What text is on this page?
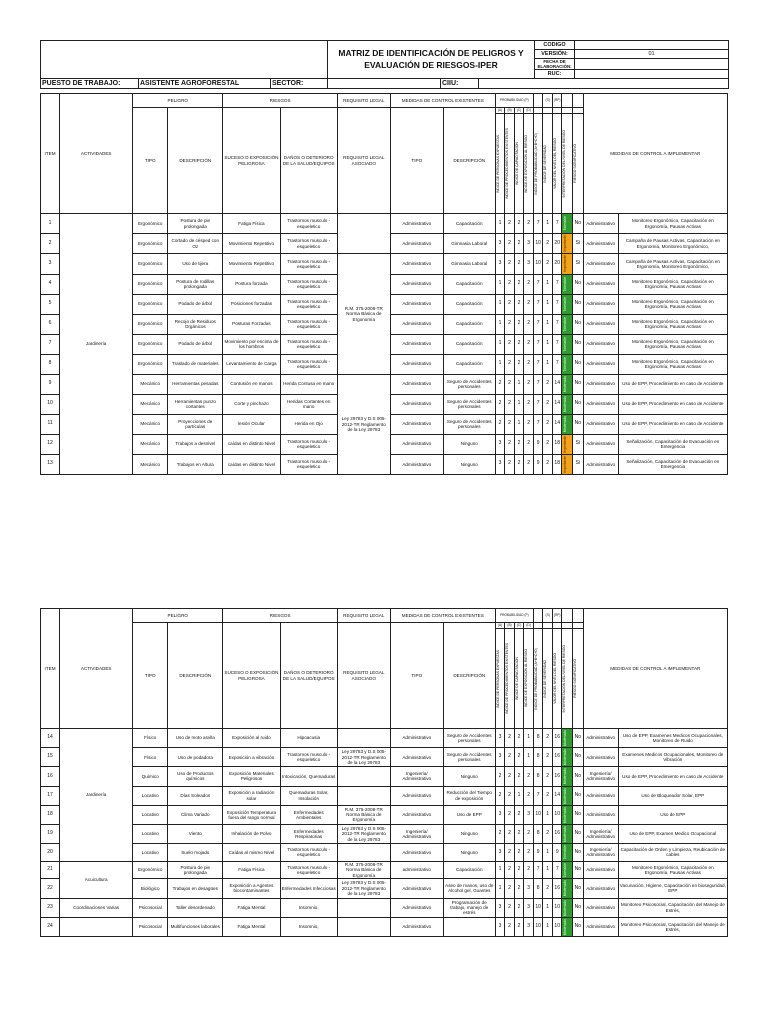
			MATRIZ DE IDENTIFICACIÓN DE PELIGROS Y EVALUACIÓN DE RIESGOS-IPER			CODIGO	
						VERSIÓN:	01
						FECHA DE ELABORACIÓN:	
						RUC:	
PUESTO DE TRABAJO:	ASISTENTE AGROFORESTAL	SECTOR:		CIIU:			
ITEM	ACTIVIDADES	PELIGRO		RIESGOS		REQUISITO LEGAL	MEDIDAS DE CONTROL EXISTENTES		PROBABILIDAD (P)					(S)	(RP)			MEDIDAS DE CONTROL A IMPLEMENTAR	
		TIPO	DESCRIPCIÓN	SUCESO O EXPOSICIÓN PELIGROSA	DAÑOS O DETERIORO DE LA SALUD/EQUIPOS	REQUISITO LEGAL ASOCIADO	TIPO	DESCRIPCIÓN	(A)	(B)	(C)	(D)							

									INDICE DE PERSONAS EXPUESTAS	INDICE DE PROCEDIMIENTOS EXISTENTES	INDICE DE CAPACITACIÓN	INDICE DE EXPOSICIÓN AL RIESGO	INDICE DE PROBABILIDAD (A+B+C+D)	INDICE DE SEVERIDAD	VALOR DEL NIVEL DEL RIESGO	INTERPRETACIÓN DEL NIVEL DE RIESGO	RIESGO SIGNIFICATIVO		

1	Jardinería	Ergonómico	Postura de pie prolongada	Fatiga Física	Trastornos musculo - esqueletico		Administrativo	Capacitación	1	2	2	2	7	1	7	Tolerable	No	Administrativo	Monitoreo Ergonómico, Capacitación en Ergonomía, Pausas Activas
2		Ergonómico	Cortado de césped con Oz	Movimiento Repetitivo	Trastornos musculo - esqueletico		Administrativo	Gimnasia Laboral	3	2	2	3	10	2	20	Importante	Si	Administrativo	Campaña de Pausas Activas, Capacitación en Ergonomía, Monitoreo Ergonómico,
3		Ergonómico	Uso de tijera	Movimiento Repetitivo	Trastornos musculo - esqueletico	R.M. 375-2008-TR Norma Básica de Ergonomía	Administrativo	Gimnasia Laboral	3	2	2	3	10	2	20	Importante	Si	Administrativo	Campaña de Pausas Activas, Capacitación en Ergonomía, Monitoreo Ergonómico,
4		Ergonómico	Postura de rodillas prolongada	Postura forzada	Trastornos musculo - esqueletico		Administrativo	Capacitación	1	2	2	2	7	1	7	Tolerable	No	Administrativo	Monitoreo Ergonómico, Capacitación en Ergonomía, Pausas Activas
5		Ergonómico	Podado de árbol	Posiciones forzadas	Trastornos musculo - esqueletico		Administrativo	Capacitación	1	2	2	2	7	1	7	Tolerable	No	Administrativo	Monitoreo Ergonómico, Capacitación en Ergonomía, Pausas Activas
6		Ergonómico	Recojo de Residuos Orgánicos	Posturas Forzadas	Trastornos musculo - esqueletico		Administrativo	Capacitación	1	2	2	2	7	1	7	Tolerable	No	Administrativo	Monitoreo Ergonómico, Capacitación en Ergonomía, Pausas Activas
7		Ergonómico	Podado de árbol	Movimiento por encima de los hombros	Trastornos musculo - esqueletico		Administrativo	Capacitación	1	2	2	2	7	1	7	Tolerable	No	Administrativo	Monitoreo Ergonómico, Capacitación en Ergonomía, Pausas Activas
8		Ergonómico	Traslado de materiales	Levantamiento de Carga	Trastornos musculo - esqueletico		Administrativo	Capacitación	1	2	2	2	7	1	7	Tolerable	No	Administrativo	Monitoreo Ergonómico, Capacitación en Ergonomía, Pausas Activas
9		Mecánico	Herramientas pesadas	Contusión en manos	Herida Contusa en mano	Ley 29783 y D.S 005-2012-TR Reglamento de la Ley 29783	Administrativo	Seguro de Accidentes personales	2	2	1	2	7	2	14	Moderado	No	Administrativo	Uso de EPP, Procedimiento en caso de Accidente
10		Mecánico	Herramientas punzo cortantes	Corte y pinchazo	Heridas Cortantes en mano		Administrativo	Seguro de Accidentes personales	2	2	1	2	7	2	14	Moderado	No	Administrativo	Uso de EPP, Procedimiento en caso de Accidente
11		Mecánico	Proyecciones de partículas	lesión Ocular	Herida en Ojo		Administrativo	Seguro de Accidentes personales	2	2	1	2	7	2	14	Moderado	No	Administrativo	Uso de EPP, Procedimiento en caso de Accidente
12		Mecánico	Trabajos a desnivel	caídas en distinto Nivel	Trastornos musculo - esqueletico		Administrativo	Ninguno	3	2	2	2	9	2	18	Importante	Si	Administrativo	Señalización, Capacitación de Evacuación en Emergencia
13		Mecánico	Trabajos en Altura	caídas en distinto Nivel	Trastornos musculo - esqueletico		Administrativo	Ninguno	3	2	2	2	9	2	18	Importante	Si	Administrativo	Señalización, Capacitación de Evacuación en Emergencia
ITEM	ACTIVIDADES	PELIGRO		RIESGOS		REQUISITO LEGAL	MEDIDAS DE CONTROL EXISTENTES		PROBABILIDAD (P)					(S)	(RP)			MEDIDAS DE CONTROL A IMPLEMENTAR	
		TIPO	DESCRIPCIÓN	SUCESO O EXPOSICIÓN PELIGROSA	DAÑOS O DETERIORO DE LA SALUD/EQUIPOS	REQUISITO LEGAL ASOCIADO	TIPO	DESCRIPCIÓN	(A)	(B)	(C)	(D)							

									INDICE DE PERSONAS EXPUESTAS	INDICE DE PROCEDIMIENTOS EXISTENTES	INDICE DE CAPACITACIÓN	INDICE DE EXPOSICIÓN AL RIESGO	INDICE DE PROBABILIDAD (A+B+C+D)	INDICE DE SEVERIDAD	VALOR DEL NIVEL DEL RIESGO	INTERPRETACIÓN DEL NIVEL DE RIESGO	RIESGO SIGNIFICATIVO		

14	Jardinería	Físico	Uso de moto araña	Exposición al ruido	Hipoacusia		Administrativo	Seguro de Accidentes personales	3	2	2	1	8	2	16	Moderado	No	Administrativo	Uso de EPP, Examenes Medicos Ocupacionales, Monitoreo de Ruido
15		Físico	Uso de podadora	Exposición a vibración	Trastornos musculo - esqueletico	Ley 29783 y D.S 005-2012-TR Reglamento de la Ley 29783	Administrativo	Seguro de Accidentes personales	3	2	2	1	8	2	16	Moderado	No	Administrativo	Examenes Medicos Ocupacionales, Monitoreo de Vibración
16		Químico	Uso de Productos químicos	Exposición Materiales Peligrosos	Intoxicación, Quemaduras		Ingeniería/ Administrativo	Ninguno	2	2	2	2	8	2	16	Moderado	No	Ingeniería/ Administrativo	Uso de EPP, Procedimiento en caso de Accidente
17		Locativo	Días Soleados	Exposición a radiación solar	Quemaduras Solar, Insolación		Administrativo	Reducción del Tiempo de exposición	2	2	1	2	7	2	14	Moderado	No	Administrativo	Uso de Bloqueador Solar, EPP
18		Locativo	Clima Variado	Exposición Temperatura fuera del rango normal	Enfermedades Ambientales	R.M. 375-2008-TR Norma Básica de Ergonomía	Administrativo	Uso de EPP	3	2	2	3	10	1	10	Moderado	No	Administrativo	Uso de EPP
19		Locativo	Viento	Inhalación de Polvo	Enfermedades Respiratorias	Ley 29783 y D.S 005-2012-TR Reglamento de la Ley 29783	Ingeniería/ Administrativo	Ninguno	2	2	2	2	8	2	16	Moderado	No	Ingeniería/ Administrativo	Uso de EPP, Examen Medico Ocupacional
20		Locativo	Suelo mojado	Caídas al mismo Nivel	Trastornos musculo - esqueletico		Administrativo	Ninguno	3	2	2	2	9	1	9	Tolerable	No	Ingeniería/ Administrativo	Capacitación de Orden y Limpieza, Reubicación de cables
21	Acuicultura	Ergonómico	Postura de pie prolongada	Fatiga Física	Trastornos musculo - esqueletico	R.M. 375-2008-TR Norma Básica de Ergonomía	administrativo	Capacitación	1	2	2	2	7	1	7	Tolerable	No	Administrativo	Monitoreo Ergonómico, Capacitación en Ergonomía, Pausas Activas
22		Biológico	Trabajos en desagües	Exposición a Agentes biocontaminantes	Enfermedades Infecciosas	Ley 29783 y D.S 005-2012-TR Reglamento de la Ley 29783	Administrativo	Aseo de manos, uso de Alcohol gel, Guantes	1	2	2	3	8	2	16	Moderado	No	Administrativo	Vacunación, Higiene, Capacitación en bioseguridad, EPP
23	Coordinaciones Varias	Psicosocial	Taller desordenado	Fatiga Mental	Insomnio,		Administrativo	Programación de trabajo, manejo de estrés	3	2	2	3	10	1	10	Moderado	No	Administrativo	Monitoreo Psicosocial, Capacitación del Manejo de Estrés,
24		Psicosocial	Multifunciones laborales	Fatiga Mental	Insomnio,		Administrativo		3	2	2	3	10	1	10	Moderado	No	Administrativo	Monitoreo Psicosocial, Capacitación del Manejo de Estrés,
